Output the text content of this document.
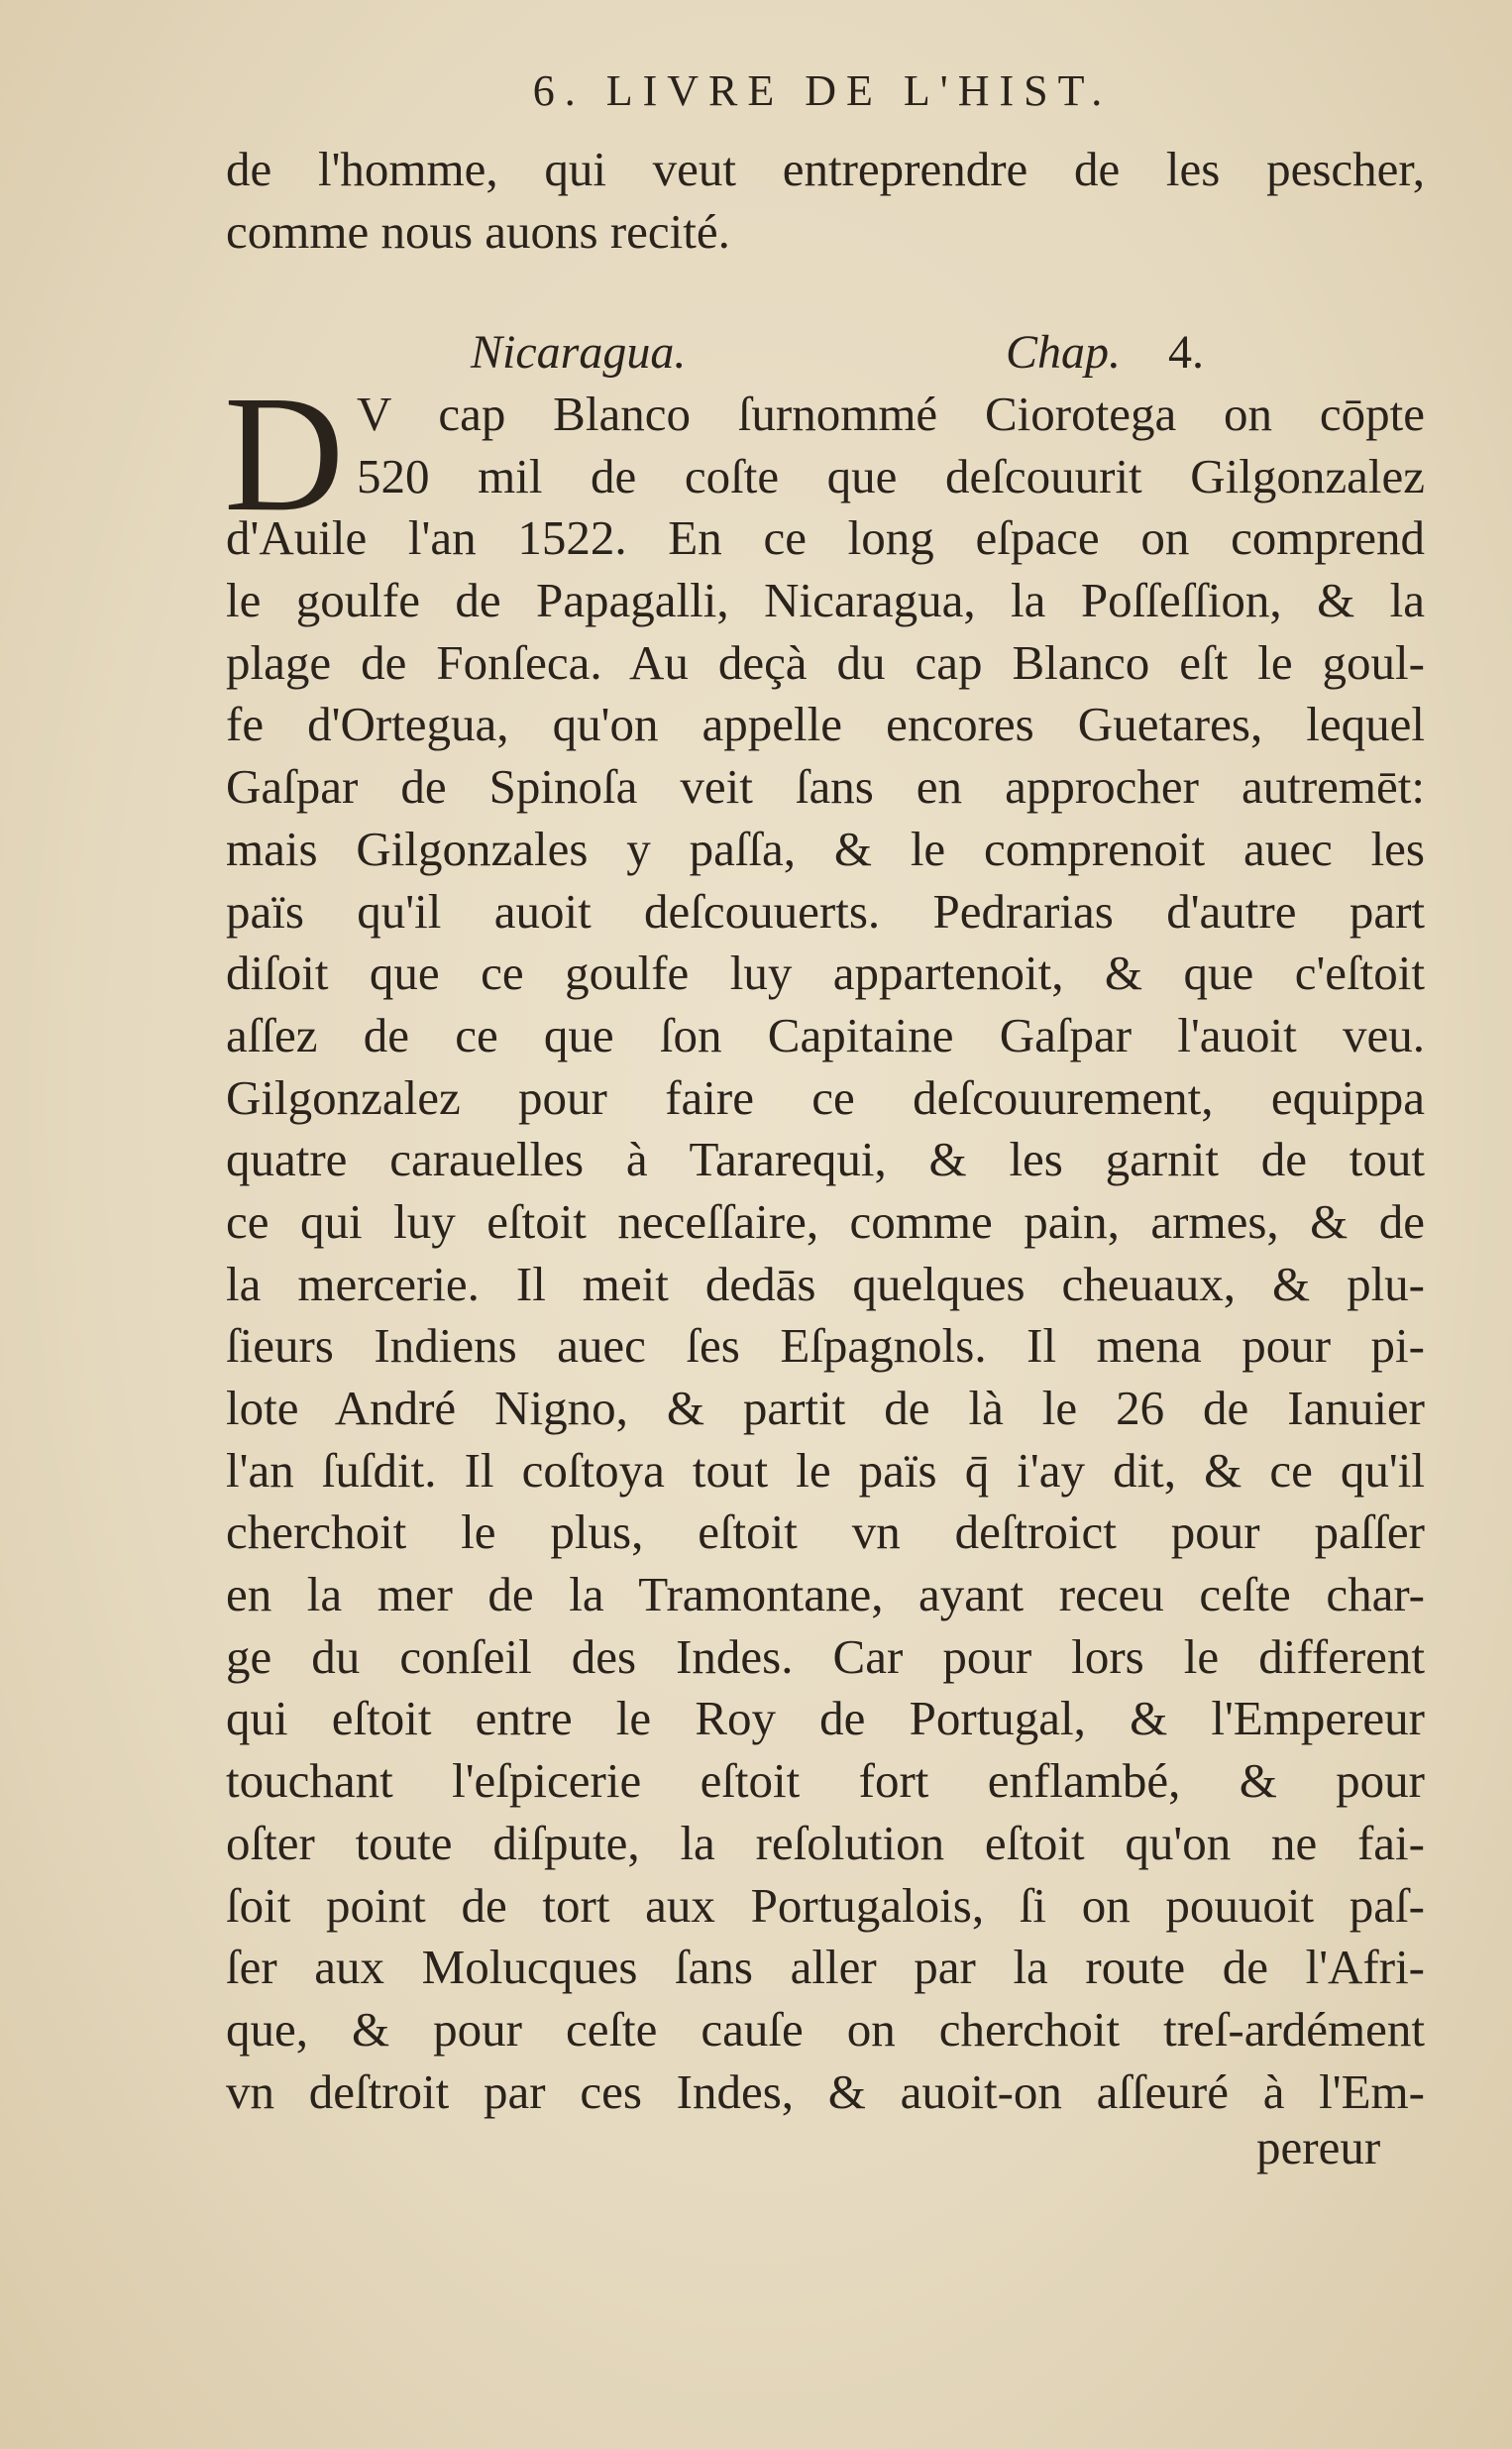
6. LIVRE DE L'HIST.
de l'homme, qui veut entreprendre de les pescher,
comme nous auons recité.
Nicaragua.	Chap. 4.
D V cap Blanco ſurnommé Ciorotega on cōpte
520 mil de coſte que deſcouurit Gilgonzalez
d'Auile l'an 1522. En ce long eſpace on comprend
le goulfe de Papagalli, Nicaragua, la Poſſeſſion, & la
plage de Fonſeca. Au deçà du cap Blanco eſt le goul-
fe d'Ortegua, qu'on appelle encores Guetares, lequel
Gaſpar de Spinoſa veit ſans en approcher autremēt:
mais Gilgonzales y paſſa, & le comprenoit auec les
païs qu'il auoit deſcouuerts. Pedrarias d'autre part
diſoit que ce goulfe luy appartenoit, & que c'eſtoit
aſſez de ce que ſon Capitaine Gaſpar l'auoit veu.
Gilgonzalez pour faire ce deſcouurement, equippa
quatre carauelles à Tararequi, & les garnit de tout
ce qui luy eſtoit neceſſaire, comme pain, armes, & de
la mercerie. Il meit dedās quelques cheuaux, & plu-
ſieurs Indiens auec ſes Eſpagnols. Il mena pour pi-
lote André Nigno, & partit de là le 26 de Ianuier
l'an ſuſdit. Il coſtoya tout le païs q̄ i'ay dit, & ce qu'il
cherchoit le plus, eſtoit vn deſtroict pour paſſer
en la mer de la Tramontane, ayant receu ceſte char-
ge du conſeil des Indes. Car pour lors le different
qui eſtoit entre le Roy de Portugal, & l'Empereur
touchant l'eſpicerie eſtoit fort enflambé, & pour
oſter toute diſpute, la reſolution eſtoit qu'on ne fai-
ſoit point de tort aux Portugalois, ſi on pouuoit paſ-
ſer aux Molucques ſans aller par la route de l'Afri-
que, & pour ceſte cauſe on cherchoit treſ-ardément
vn deſtroit par ces Indes, & auoit-on aſſeuré à l'Em-
pereur
